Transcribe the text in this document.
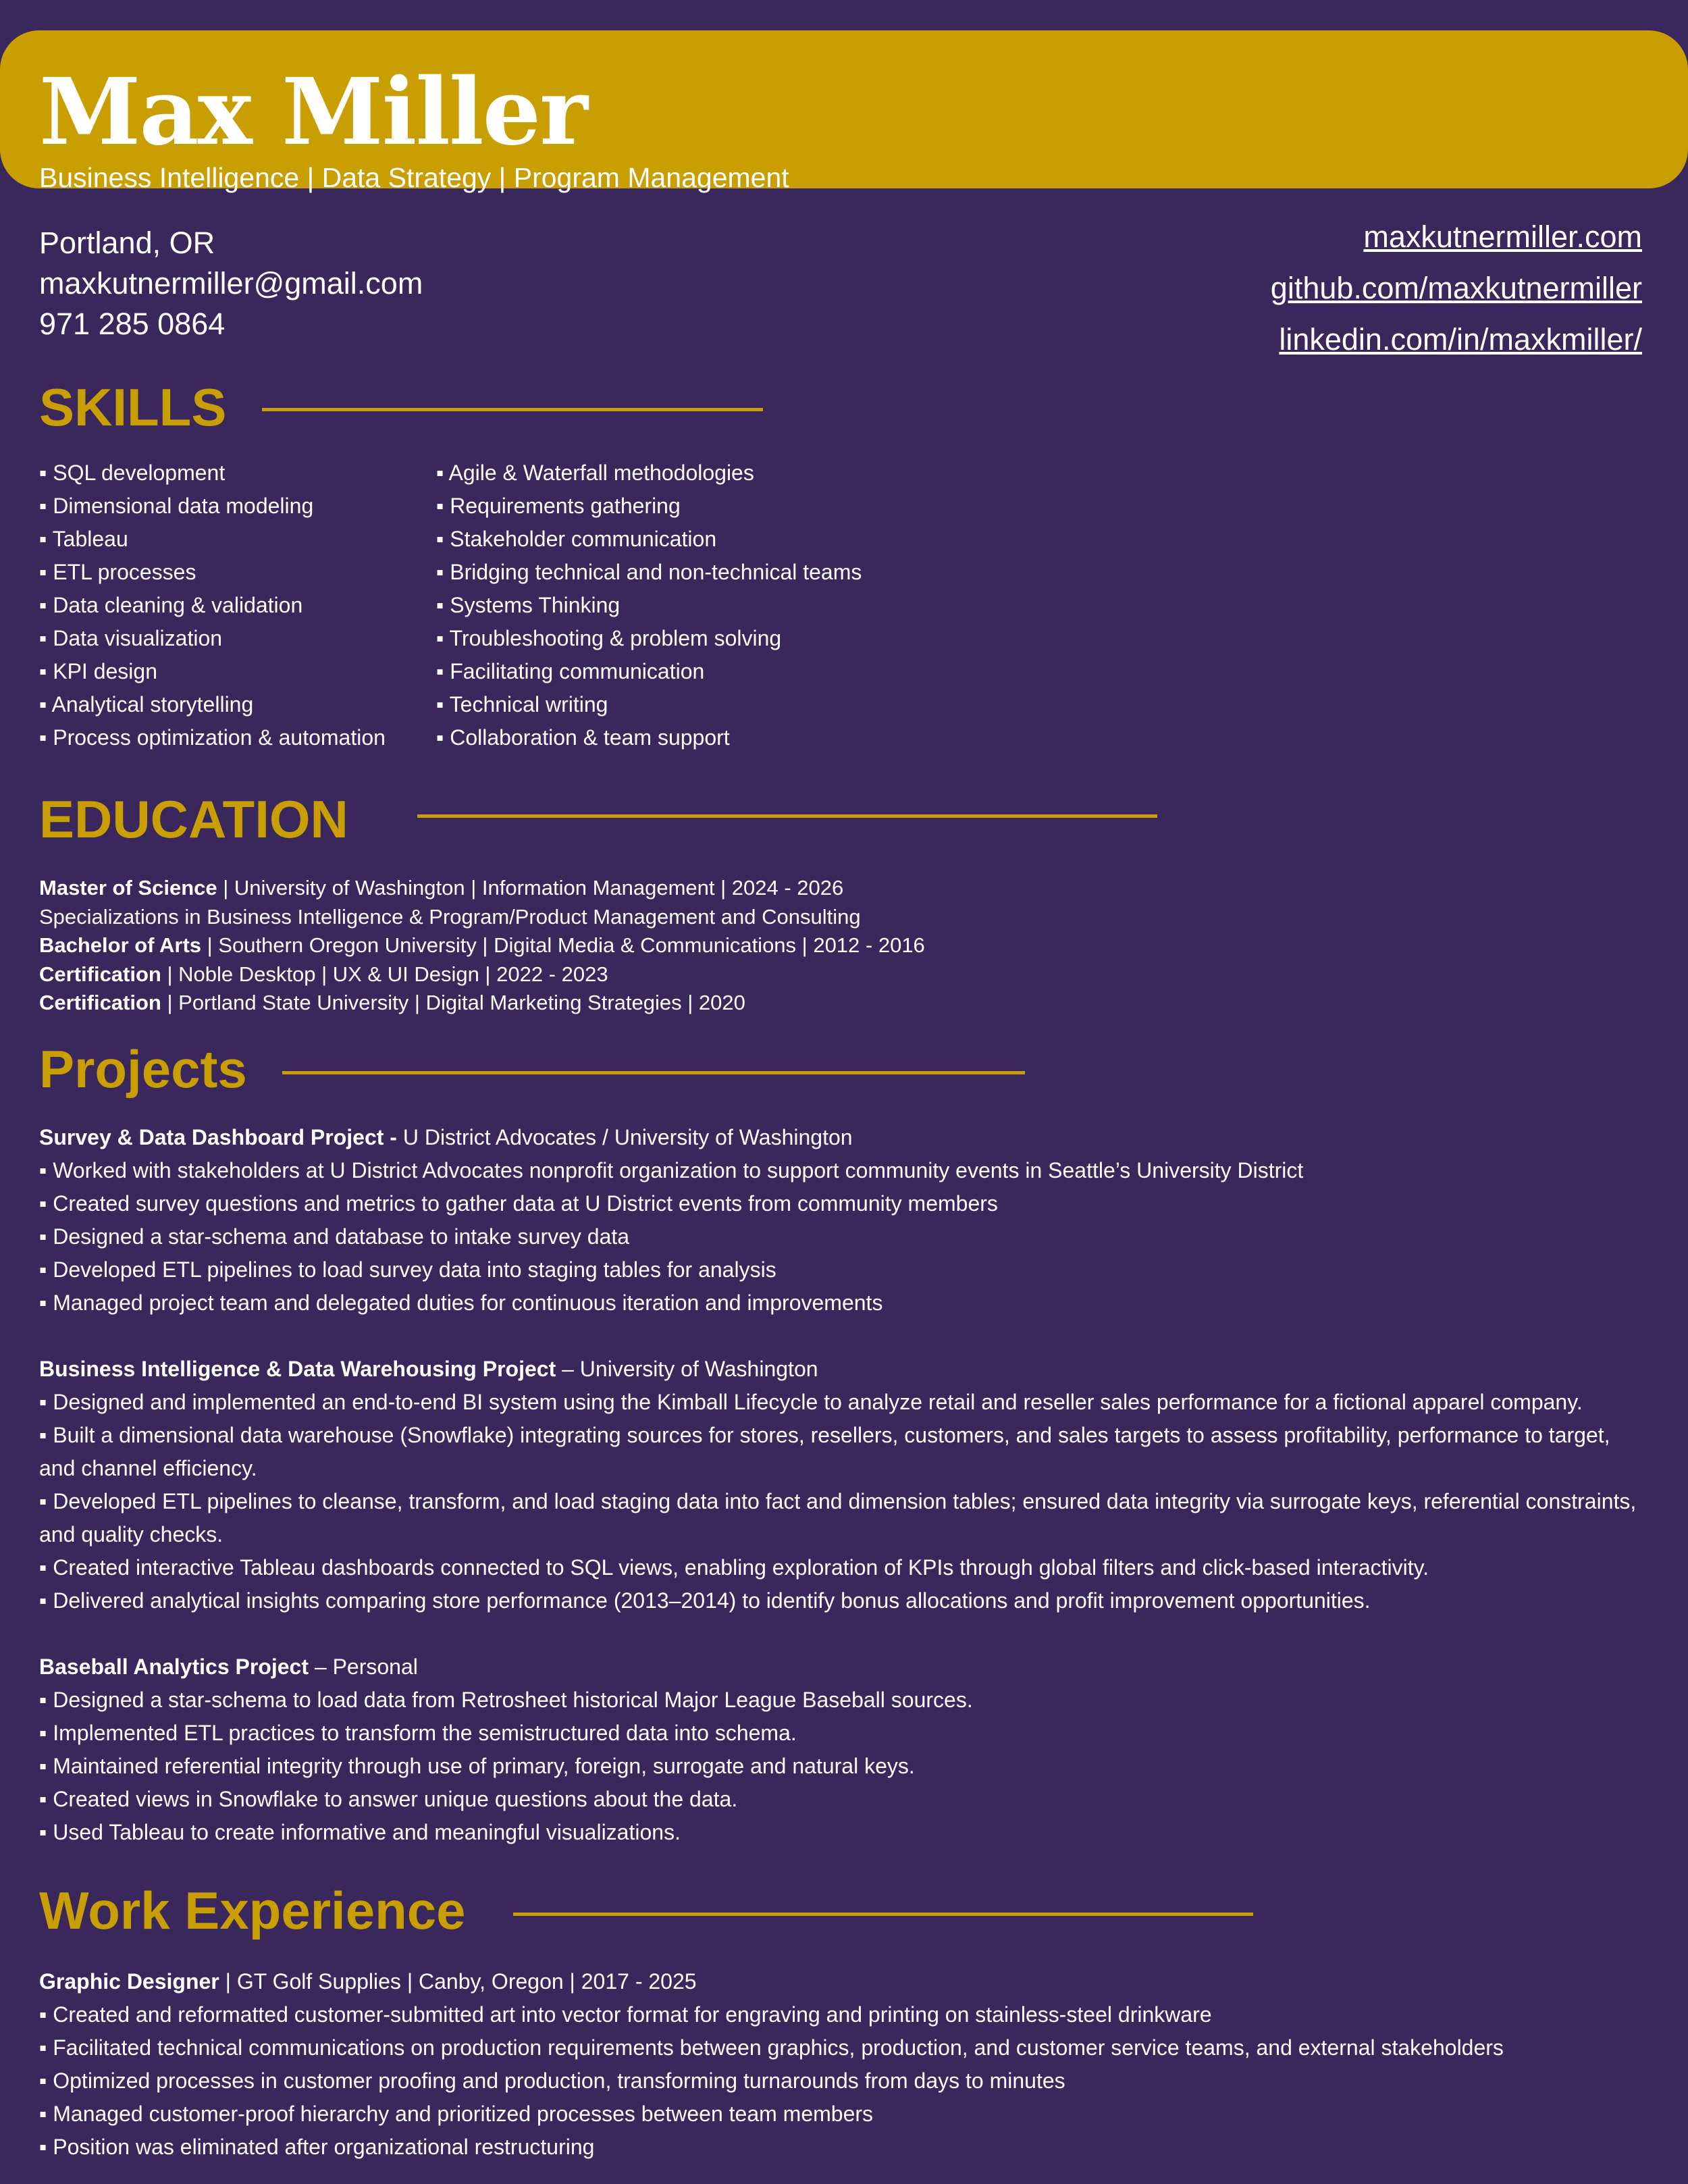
Max Miller
Business Intelligence | Data Strategy | Program Management
Portland, OR
maxkutnermiller@gmail.com
971 285 0864
maxkutnermiller.com
github.com/maxkutnermiller
linkedin.com/in/maxkmiller/
SKILLS
▪ SQL development
▪ Dimensional data modeling
▪ Tableau
▪ ETL processes
▪ Data cleaning & validation
▪ Data visualization
▪ KPI design
▪ Analytical storytelling
▪ Process optimization & automation
▪ Agile & Waterfall methodologies
▪ Requirements gathering
▪ Stakeholder communication
▪ Bridging technical and non-technical teams
▪ Systems Thinking
▪ Troubleshooting & problem solving
▪ Facilitating communication
▪ Technical writing
▪ Collaboration & team support
EDUCATION
Master of Science | University of Washington | Information Management | 2024 - 2026
Specializations in Business Intelligence & Program/Product Management and Consulting
Bachelor of Arts | Southern Oregon University | Digital Media & Communications | 2012 - 2016
Certification | Noble Desktop | UX & UI Design | 2022 - 2023
Certification | Portland State University | Digital Marketing Strategies | 2020
Projects
Survey & Data Dashboard Project - U District Advocates / University of Washington
▪ Worked with stakeholders at U District Advocates nonprofit organization to support community events in Seattle’s University District
▪ Created survey questions and metrics to gather data at U District events from community members
▪ Designed a star-schema and database to intake survey data
▪ Developed ETL pipelines to load survey data into staging tables for analysis
▪ Managed project team and delegated duties for continuous iteration and improvements
Business Intelligence & Data Warehousing Project – University of Washington
▪ Designed and implemented an end-to-end BI system using the Kimball Lifecycle to analyze retail and reseller sales performance for a fictional apparel company.
▪ Built a dimensional data warehouse (Snowflake) integrating sources for stores, resellers, customers, and sales targets to assess profitability, performance to target, and channel efficiency.
▪ Developed ETL pipelines to cleanse, transform, and load staging data into fact and dimension tables; ensured data integrity via surrogate keys, referential constraints, and quality checks.
▪ Created interactive Tableau dashboards connected to SQL views, enabling exploration of KPIs through global filters and click-based interactivity.
▪ Delivered analytical insights comparing store performance (2013–2014) to identify bonus allocations and profit improvement opportunities.
Baseball Analytics Project – Personal
▪ Designed a star-schema to load data from Retrosheet historical Major League Baseball sources.
▪ Implemented ETL practices to transform the semistructured data into schema.
▪ Maintained referential integrity through use of primary, foreign, surrogate and natural keys.
▪ Created views in Snowflake to answer unique questions about the data.
▪ Used Tableau to create informative and meaningful visualizations.
Work Experience
Graphic Designer | GT Golf Supplies | Canby, Oregon | 2017 - 2025
▪ Created and reformatted customer-submitted art into vector format for engraving and printing on stainless-steel drinkware
▪ Facilitated technical communications on production requirements between graphics, production, and customer service teams, and external stakeholders
▪ Optimized processes in customer proofing and production, transforming turnarounds from days to minutes
▪ Managed customer-proof hierarchy and prioritized processes between team members
▪ Position was eliminated after organizational restructuring
